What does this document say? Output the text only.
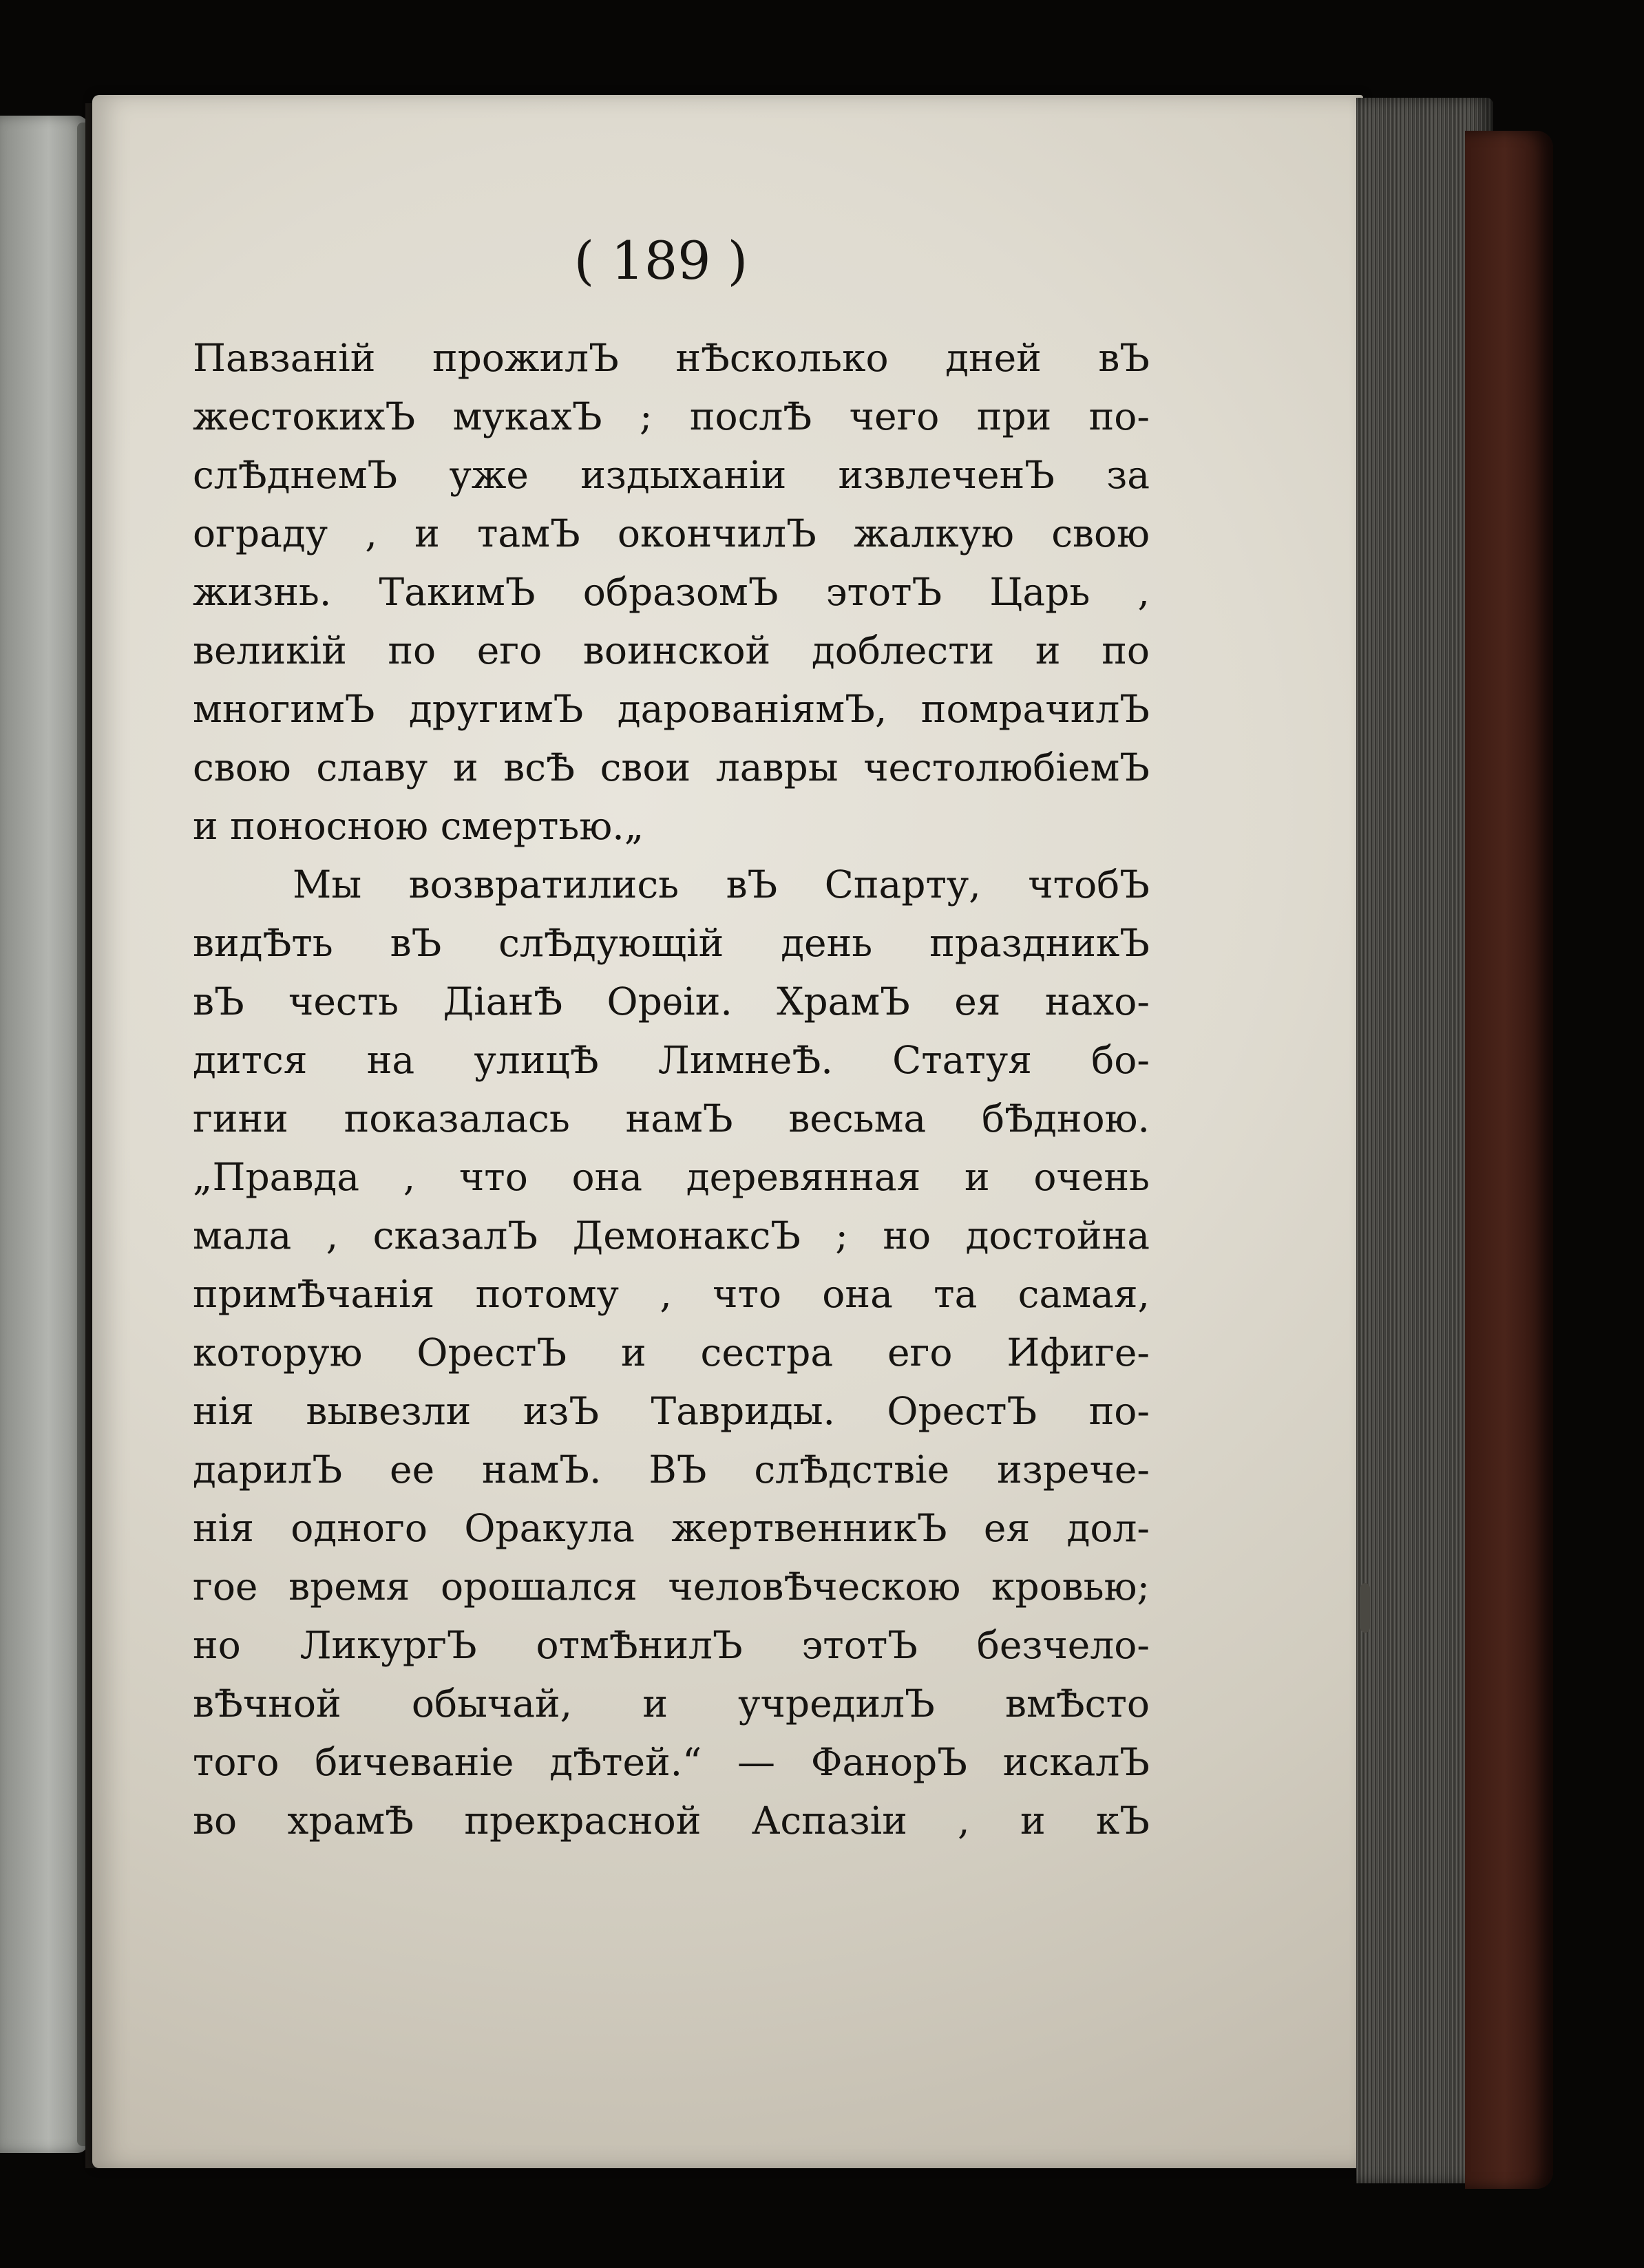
( 189 )

Павзаній прожилЪ нѢсколько дней вЪ

жестокихЪ мукахЪ ; послѢ чего при по-

слѢднемЪ уже издыханіи извлеченЪ за

ограду , и тамЪ окончилЪ жалкую свою

жизнь. ТакимЪ образомЪ этотЪ Царь ,

великій по его воинской доблести и по

многимЪ другимЪ дарованіямЪ, помрачилЪ

свою славу и всѢ свои лавры честолюбіемЪ

и поносною смертью.„

Мы возвратились вЪ Спарту, чтобЪ

видѢть вЪ слѢдующій день праздникЪ

вЪ честь ДіанѢ Орѳіи. ХрамЪ ея нахо-

дится на улицѢ ЛимнеѢ. Статуя бо-

гини показалась намЪ весьма бѢдною.

„Правда , что она деревянная и очень

мала , сказалЪ ДемонаксЪ ; но достойна

примѢчанія потому , что она та самая,

которую ОрестЪ и сестра его Ифиге-

нія вывезли изЪ Тавриды. ОрестЪ по-

дарилЪ ее намЪ. ВЪ слѢдствіе изрече-

нія одного Оракула жертвенникЪ ея дол-

гое время орошался человѢческою кровью;

но ЛикургЪ отмѢнилЪ этотЪ безчело-

вѢчной обычай, и учредилЪ вмѢсто

того бичеваніе дѢтей.“ — ФанорЪ искалЪ

во храмѢ прекрасной Аспазіи , и кЪ
